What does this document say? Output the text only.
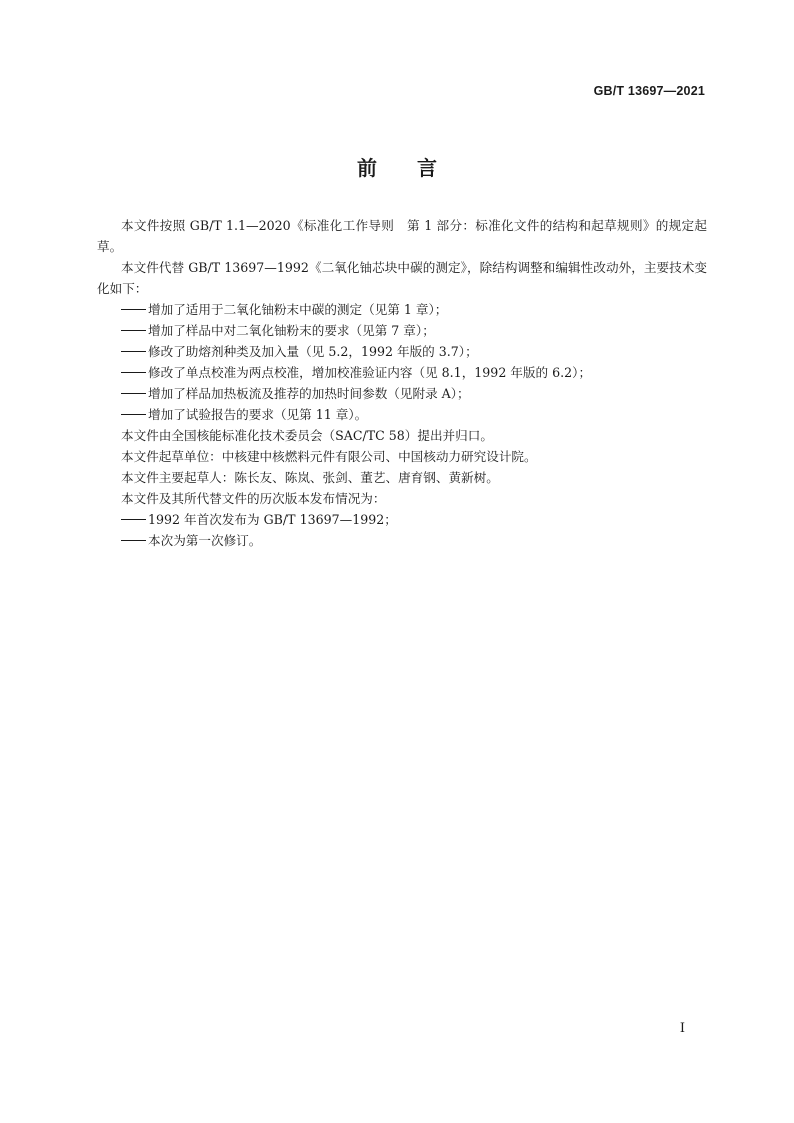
GB/T 13697—2021
前 言

本文件按照 GB/T 1.1—2020《标准化工作导则　第 1 部分：标准化文件的结构和起草规则》的规定起草。

本文件代替 GB/T 13697—1992《二氧化铀芯块中碳的测定》，除结构调整和编辑性改动外，主要技术变化如下：

增加了适用于二氧化铀粉末中碳的测定（见第 1 章）；

增加了样品中对二氧化铀粉末的要求（见第 7 章）；

修改了助熔剂种类及加入量（见 5.2，1992 年版的 3.7）；

修改了单点校准为两点校准，增加校准验证内容（见 8.1，1992 年版的 6.2）；

增加了样品加热板流及推荐的加热时间参数（见附录 A）；

增加了试验报告的要求（见第 11 章）。

本文件由全国核能标准化技术委员会（SAC/TC 58）提出并归口。

本文件起草单位：中核建中核燃料元件有限公司、中国核动力研究设计院。

本文件主要起草人：陈长友、陈岚、张剑、董艺、唐育钢、黄新树。

本文件及其所代替文件的历次版本发布情况为：

1992 年首次发布为 GB/T 13697—1992；

本次为第一次修订。

I
